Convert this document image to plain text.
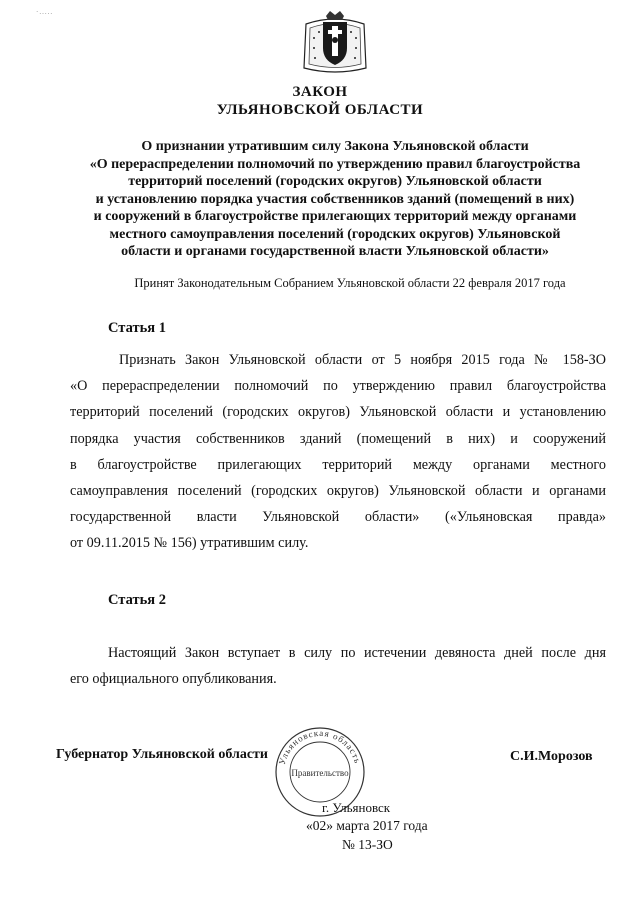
·.....
ЗАКОН
УЛЬЯНОВСКОЙ ОБЛАСТИ
О признании утратившим силу Закона Ульяновской области
«О перераспределении полномочий по утверждению правил благоустройства
территорий поселений (городских округов) Ульяновской области
и установлению порядка участия собственников зданий (помещений в них)
и сооружений в благоустройстве прилегающих территорий между органами
местного самоуправления поселений (городских округов) Ульяновской
области и органами государственной власти Ульяновской области»
Принят Законодательным Собранием Ульяновской области 22 февраля 2017 года
Статья 1
Признать Закон Ульяновской области от 5 ноября 2015 года № 158-ЗО
«О перераспределении полномочий по утверждению правил благоустройства
территорий поселений (городских округов) Ульяновской области и установлению
порядка участия собственников зданий (помещений в них) и сооружений
в благоустройстве прилегающих территорий между органами местного
самоуправления поселений (городских округов) Ульяновской области и органами
государственной власти Ульяновской области» («Ульяновская правда»
от 09.11.2015 № 156) утратившим силу.
Статья 2
Настоящий Закон вступает в силу по истечении девяноста дней после дня
его официального опубликования.
Ульяновская область
Правительство
Губернатор Ульяновской области	С.И.Морозов
г. Ульяновск
«02» марта 2017 года
№ 13-ЗО
